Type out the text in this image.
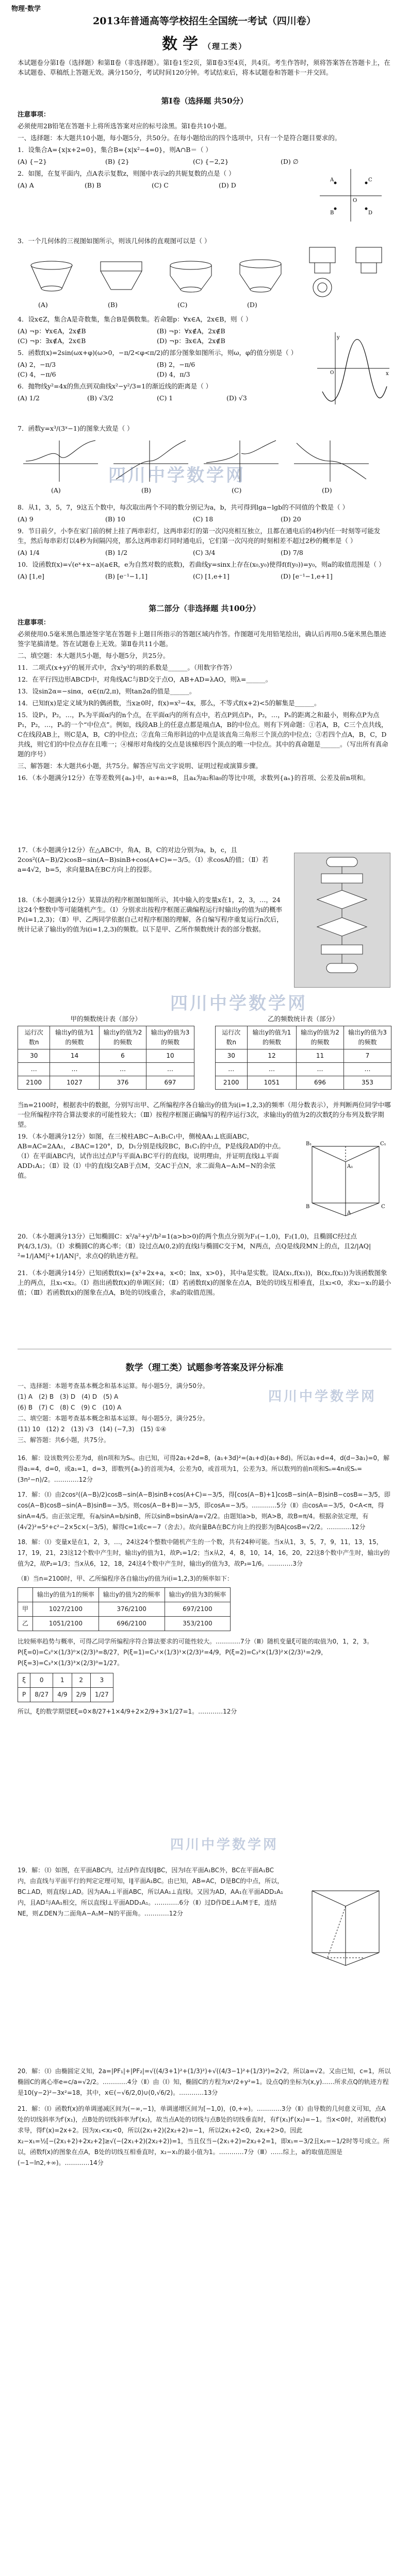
物理·数学
2013年普通高等学校招生全国统一考试（四川卷）
数学（理工类）

本试题卷分第Ⅰ卷（选择题）和第Ⅱ卷（非选择题）。第Ⅰ卷1至2页，第Ⅱ卷3至4页，共4页。考生作答时，须将答案答在答题卡上，在本试题卷、草稿纸上答题无效。满分150分，考试时间120分钟。考试结束后，将本试题卷和答题卡一并交回。

第Ⅰ卷（选择题 共50分）

注意事项：

必须使用2B铅笔在答题卡上将所选答案对应的标号涂黑。第Ⅰ卷共10小题。

一、选择题：本大题共10小题，每小题5分，共50分。在每小题给出的四个选项中，只有一个是符合题目要求的。

1．设集合A={x|x+2=0}，集合B={x|x²−4=0}，则A∩B＝（ ）

(A) {−2}	(B) {2}	(C) {−2,2}	(D) ∅

2．如图，在复平面内，点A表示复数z，则图中表示z的共轭复数的点是（ ）

(A) A	(B) B	(C) C	(D) D

A
B
C
D
O

3．一个几何体的三视图如图所示，则该几何体的直观图可以是（ ）

(A)	(B)	(C)	(D)

4．设x∈Z，集合A是奇数集，集合B是偶数集。若命题p：∀x∈A，2x∈B，则（ ）

(A) ¬p：∀x∈A，2x∉B	(B) ¬p：∀x∉A，2x∉B
(C) ¬p：∃x∉A，2x∈B	(D) ¬p：∃x∈A，2x∉B

5．函数f(x)=2sin(ωx+φ)(ω>0，−π/2<φ<π/2)的部分图象如图所示，则ω，φ的值分别是（ ）

(A) 2，−π/3	(B) 2，−π/6
(C) 4，−π/6	(D) 4，π/3

6．抛物线y²=4x的焦点到双曲线x²−y²/3=1的渐近线的距离是（ ）

(A) 1/2	(B) √3/2	(C) 1	(D) √3

y
x
O

7．函数y=x³/(3ˣ−1)的图象大致是（ ）

(A)	(B)	(C)	(D)
四川中学数学网

8．从1，3，5，7，9这五个数中，每次取出两个不同的数分别记为a，b，共可得到lga−lgb的不同值的个数是（ ）

(A) 9	(B) 10	(C) 18	(D) 20

9．节日前夕，小李在家门前的树上挂了两串彩灯，这两串彩灯的第一次闪亮相互独立，且都在通电后的4秒内任一时刻等可能发生，然后每串彩灯以4秒为间隔闪亮，那么这两串彩灯同时通电后，它们第一次闪亮的时刻相差不超过2秒的概率是（ ）

(A) 1/4	(B) 1/2	(C) 3/4	(D) 7/8

10．设函数f(x)=√(eˣ+x−a)(a∈R，e为自然对数的底数)，若曲线y=sinx上存在(x₀,y₀)使得f(f(y₀))=y₀，则a的取值范围是（ ）

(A) [1,e]	(B) [e⁻¹−1,1]	(C) [1,e+1]	(D) [e⁻¹−1,e+1]

第二部分（非选择题 共100分）

注意事项：

必须使用0.5毫米黑色墨迹签字笔在答题卡上题目所指示的答题区域内作答。作图题可先用铅笔绘出，确认后再用0.5毫米黑色墨迹签字笔描清楚。答在试题卷上无效。第Ⅱ卷共11小题。

二、填空题：本大题共5小题，每小题5分，共25分。

11．二项式(x+y)⁵的展开式中，含x²y³的项的系数是______。（用数字作答）

12．在平行四边形ABCD中，对角线AC与BD交于点O，AB+AD=λAO，则λ=______。

13．设sin2α=−sinα，α∈(π/2,π)，则tan2α的值是______。

14．已知f(x)是定义域为R的偶函数，当x≥0时，f(x)=x²−4x，那么，不等式f(x+2)<5的解集是______。

15．设P₁，P₂，…，Pₙ为平面α内的n个点，在平面α内的所有点中，若点P到点P₁，P₂，…，Pₙ的距离之和最小，则称点P为点P₁，P₂，…，Pₙ的一个“中位点”。例如，线段AB上的任意点都是端点A，B的中位点。则有下列命题：①若A，B，C三个点共线，C在线段AB上，则C是A，B，C的中位点；②直角三角形斜边的中点是该直角三角形三个顶点的中位点；③若四个点A，B，C，D共线，则它们的中位点存在且唯一；④梯形对角线的交点是该梯形四个顶点的唯一中位点。其中的真命题是______。（写出所有真命题的序号）

三、解答题：本大题共6小题，共75分。解答应写出文字说明、证明过程或演算步骤。

16．（本小题满分12分）在等差数列{aₙ}中，a₁+a₃=8，且a₄为a₂和a₉的等比中项，求数列{aₙ}的首项、公差及前n项和。

17．（本小题满分12分）在△ABC中，角A，B，C的对边分别为a，b，c，且2cos²((A−B)/2)cosB−sin(A−B)sinB+cos(A+C)=−3/5。（Ⅰ）求cosA的值；（Ⅱ）若a=4√2，b=5，求向量BA在BC方向上的投影。

18．（本小题满分12分）某算法的程序框图如图所示，其中输入的变量x在1，2，3，…，24这24个整数中等可能随机产生。（Ⅰ）分别求出按程序框图正确编程运行时输出y的值为i的概率Pᵢ(i=1,2,3)；（Ⅱ）甲、乙两同学依据自己对程序框图的理解，各自编写程序重复运行n次后，统计记录了输出y的值为i(i=1,2,3)的频数。以下是甲、乙所作频数统计表的部分数据。

四川中学数学网
甲的频数统计表（部分）
运行次数n	输出y的值为1的频数	输出y的值为2的频数	输出y的值为3的频数
30	14	6	10
…	…	…	…
2100	1027	376	697
乙的频数统计表（部分）
运行次数n	输出y的值为1的频数	输出y的值为2的频数	输出y的值为3的频数
30	12	11	7
…	…	…	…
2100	1051	696	353

当n=2100时，根据表中的数据，分别写出甲、乙所编程序各自输出y的值为i(i=1,2,3)的频率（用分数表示），并判断两位同学中哪一位所编程序符合算法要求的可能性较大；（Ⅲ）按程序框图正确编写的程序运行3次，求输出y的值为2的次数ξ的分布列及数学期望。

19．（本小题满分12分）如图，在三棱柱ABC−A₁B₁C₁中，侧棱AA₁⊥底面ABC，AB=AC=2AA₁，∠BAC=120°，D，D₁分别是线段BC，B₁C₁的中点，P是线段AD的中点。（Ⅰ）在平面ABC内，试作出过点P与平面A₁BC平行的直线l，说明理由，并证明直线l⊥平面ADD₁A₁；（Ⅱ）设（Ⅰ）中的直线l交AB于点M，交AC于点N，求二面角A−A₁M−N的余弦值。

B₁	C₁
A₁
B	C
A

20．（本小题满分13分）已知椭圆C：x²/a²+y²/b²=1(a>b>0)的两个焦点分别为F₁(−1,0)，F₂(1,0)，且椭圆C经过点P(4/3,1/3)。（Ⅰ）求椭圆C的离心率；（Ⅱ）设过点A(0,2)的直线l与椭圆C交于M，N两点，点Q是线段MN上的点，且2/|AQ|²=1/|AM|²+1/|AN|²，求点Q的轨迹方程。

21．（本小题满分14分）已知函数f(x)={x²+2x+a，x<0；lnx，x>0}，其中a是实数。设A(x₁,f(x₁))，B(x₂,f(x₂))为该函数图象上的两点，且x₁<x₂。（Ⅰ）指出函数f(x)的单调区间；（Ⅱ）若函数f(x)的图象在点A，B处的切线互相垂直，且x₂<0，求x₂−x₁的最小值；（Ⅲ）若函数f(x)的图象在点A，B处的切线重合，求a的取值范围。

数学（理工类）试题参考答案及评分标准
一、选择题：本题考查基本概念和基本运算。每小题5分，满分50分。
(1) A　(2) B　(3) D　(4) D　(5) A
(6) B　(7) C　(8) C　(9) C　(10) A
二、填空题：本题考查基本概念和基本运算。每小题5分，满分25分。
(11) 10　(12) 2　(13) √3　(14) (−7,3)　(15) ①④
三、解答题：共6小题，共75分。
四川中学数学网

16．解：设该数列公差为d，前n项和为Sₙ。由已知，可得2a₁+2d=8，(a₁+3d)²=(a₁+d)(a₁+8d)。所以a₁+d=4，d(d−3a₁)=0，解得a₁=4，d=0，或a₁=1，d=3，即数列{aₙ}的首项为4，公差为0，或首项为1，公差为3。所以数列的前n项和Sₙ=4n或Sₙ=(3n²−n)/2。…………12分

17．解：（Ⅰ）由2cos²((A−B)/2)cosB−sin(A−B)sinB+cos(A+C)=−3/5，得[cos(A−B)+1]cosB−sin(A−B)sinB−cosB=−3/5，即cos(A−B)cosB−sin(A−B)sinB=−3/5。则cos(A−B+B)=−3/5，即cosA=−3/5。…………5分（Ⅱ）由cosA=−3/5，0<A<π，得sinA=4/5。由正弦定理，有a/sinA=b/sinB，所以sinB=bsinA/a=√2/2。由题知a>b，则A>B，故B=π/4。根据余弦定理，有(4√2)²=5²+c²−2×5c×(−3/5)，解得c=1或c=−7（舍去）。故向量BA在BC方向上的投影为|BA|cosB=√2/2。…………12分

18．解：（Ⅰ）变量x是在1，2，3，…，24这24个整数中随机产生的一个数，共有24种可能。当x从1，3，5，7，9，11，13，15，17，19，21，23这12个数中产生时，输出y的值为1，故P₁=1/2；当x从2，4，8，10，14，16，20，22这8个数中产生时，输出y的值为2，故P₂=1/3；当x从6，12，18，24这4个数中产生时，输出y的值为3，故P₃=1/6。…………3分

（Ⅱ）当n=2100时，甲、乙所编程序各自输出y的值为i(i=1,2,3)的频率如下：

	输出y的值为1的频率	输出y的值为2的频率	输出y的值为3的频率
甲	1027/2100	376/2100	697/2100
乙	1051/2100	696/2100	353/2100

比较频率趋势与概率，可得乙同学所编程序符合算法要求的可能性较大。…………7分（Ⅲ）随机变量ξ可能的取值为0，1，2，3。P(ξ=0)=C₃⁰×(1/3)⁰×(2/3)³=8/27，P(ξ=1)=C₃¹×(1/3)¹×(2/3)²=4/9，P(ξ=2)=C₃²×(1/3)²×(2/3)¹=2/9，P(ξ=3)=C₃³×(1/3)³×(2/3)⁰=1/27。

ξ	0	1	2	3
P	8/27	4/9	2/9	1/27

所以，ξ的数学期望Eξ=0×8/27+1×4/9+2×2/9+3×1/27=1。…………12分

四川中学数学网

19．解：（Ⅰ）如图，在平面ABC内，过点P作直线l∥BC，因为l在平面A₁BC外，BC在平面A₁BC内，由直线与平面平行的判定定理可知，l∥平面A₁BC。由已知，AB=AC，D是BC的中点，所以，BC⊥AD，则直线l⊥AD。因为AA₁⊥平面ABC，所以AA₁⊥直线l。又因为AD，AA₁在平面ADD₁A₁内，且AD与AA₁相交，所以直线l⊥平面ADD₁A₁。…………6分（Ⅱ）过D作DE⊥A₁M于E，连结NE，则∠DEN为二面角A−A₁M−N的平面角。…………12分

20．解：（Ⅰ）由椭圆定义知，2a=|PF₁|+|PF₂|=√((4/3+1)²+(1/3)²)+√((4/3−1)²+(1/3)²)=2√2，所以a=√2。又由已知，c=1，所以椭圆C的离心率e=c/a=√2/2。…………4分（Ⅱ）由（Ⅰ）知，椭圆C的方程为x²/2+y²=1。设点Q的坐标为(x,y)……所求点Q的轨迹方程是10(y−2)²−3x²=18，其中，x∈(−√6/2,0)∪(0,√6/2)。…………13分

21．解：（Ⅰ）函数f(x)的单调递减区间为(−∞,−1)，单调递增区间为[−1,0)，(0,+∞)。…………3分（Ⅱ）由导数的几何意义可知，点A处的切线斜率为f′(x₁)，点B处的切线斜率为f′(x₂)，故当点A处的切线与点B处的切线垂直时，有f′(x₁)f′(x₂)=−1。当x<0时，对函数f(x)求导，得f′(x)=2x+2。因为x₁<x₂<0，所以(2x₁+2)(2x₂+2)=−1，所以2x₁+2<0，2x₂+2>0。因此x₂−x₁=½[−(2x₁+2)+2x₂+2]≥√(−(2x₁+2)(2x₂+2))=1，当且仅当−(2x₁+2)=2x₂+2=1，即x₁=−3/2且x₂=−1/2时等号成立。所以，函数f(x)的图象在点A，B处的切线互相垂直时，x₂−x₁的最小值为1。…………7分（Ⅲ）……综上，a的取值范围是(−1−ln2,+∞)。…………14分
